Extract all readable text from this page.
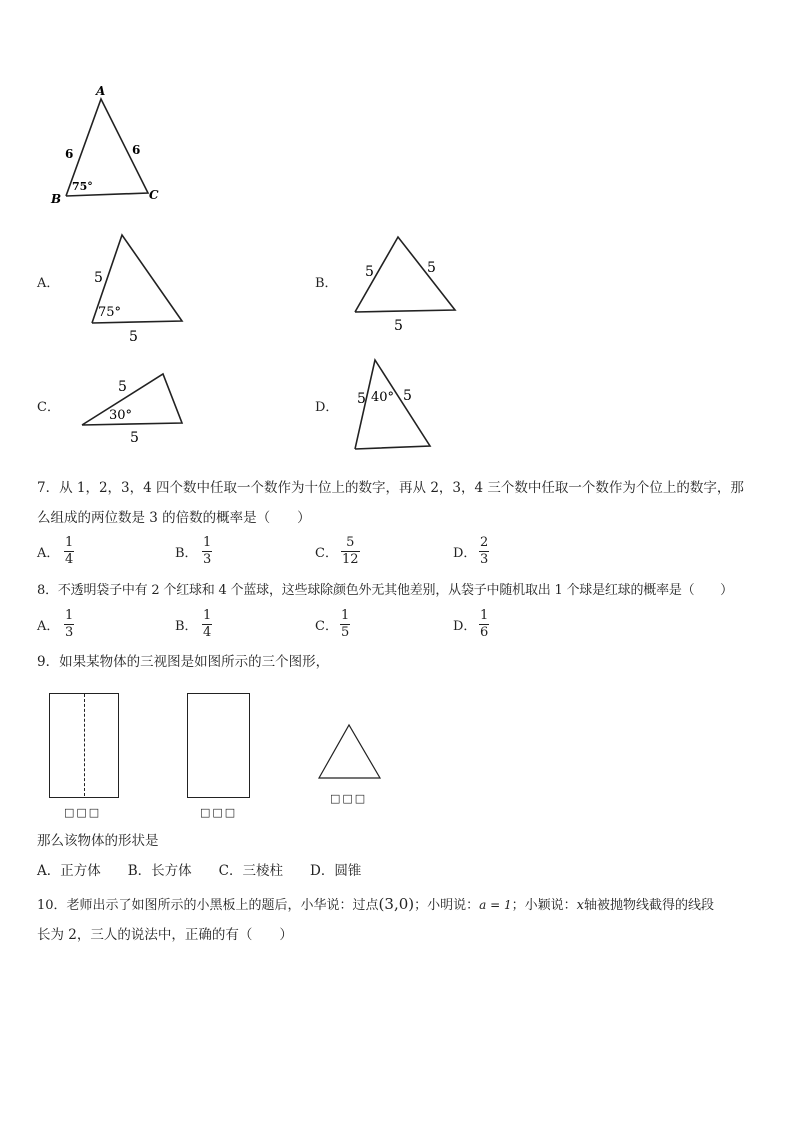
A
B	C
6	6
75°
A． 5
75°
5
B．
5	5
5
C．
5
30°
5
D．
5 40° 5
7．从 1，2，3，4 四个数中任取一个数作为十位上的数字，再从 2，3，4 三个数中任取一个数作为个位上的数字，那
么组成的两位数是 3 的倍数的概率是（　　）
A．
1
4	B．
1
3	C．
5
12	D．
2
3
8．不透明袋子中有 2 个红球和 4 个蓝球，这些球除颜色外无其他差别，从袋子中随机取出 1 个球是红球的概率是（　　）
A．
1
3	B．
1
4	C．
1
5	D．
1
6
9．如果某物体的三视图是如图所示的三个图形，
□□□	□□□
□□□
那么该物体的形状是
A．正方体　　B．长方体　　C．三棱柱　　D．圆锥
10．老师出示了如图所示的小黑板上的题后，小华说：过点(3,0)；小明说：a = 1；小颖说：x轴被抛物线截得的线段
长为 2，三人的说法中，正确的有（　　）
